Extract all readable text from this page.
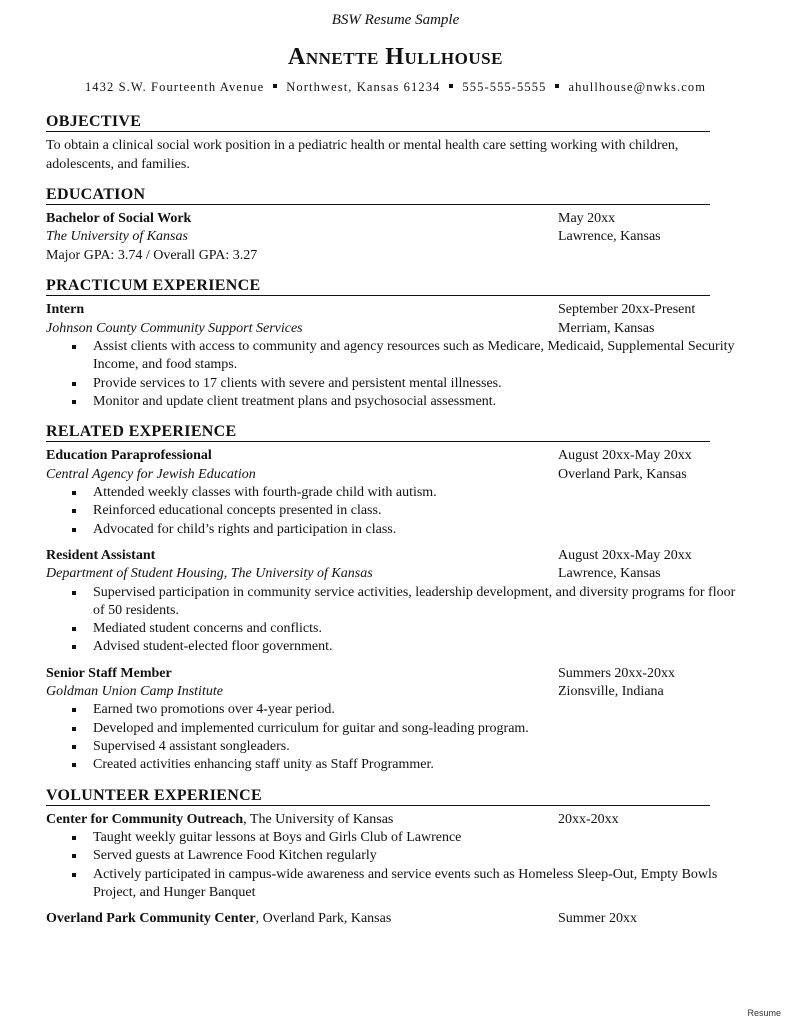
BSW Resume Sample
Annette Hullhouse
1432 S.W. Fourteenth Avenue Northwest, Kansas 61234 555-555-5555 ahullhouse@nwks.com
OBJECTIVE
To obtain a clinical social work position in a pediatric health or mental health care setting working with children, adolescents, and families.
EDUCATION
Bachelor of Social Work	May 20xx
The University of Kansas	Lawrence, Kansas
Major GPA: 3.74 / Overall GPA: 3.27
PRACTICUM EXPERIENCE
Intern	September 20xx-Present
Johnson County Community Support Services	Merriam, Kansas
Assist clients with access to community and agency resources such as Medicare, Medicaid, Supplemental Security Income, and food stamps.
Provide services to 17 clients with severe and persistent mental illnesses.
Monitor and update client treatment plans and psychosocial assessment.
RELATED EXPERIENCE
Education Paraprofessional	August 20xx-May 20xx
Central Agency for Jewish Education	Overland Park, Kansas
Attended weekly classes with fourth-grade child with autism.
Reinforced educational concepts presented in class.
Advocated for child’s rights and participation in class.
Resident Assistant	August 20xx-May 20xx
Department of Student Housing, The University of Kansas	Lawrence, Kansas
Supervised participation in community service activities, leadership development, and diversity programs for floor of 50 residents.
Mediated student concerns and conflicts.
Advised student-elected floor government.
Senior Staff Member	Summers 20xx-20xx
Goldman Union Camp Institute	Zionsville, Indiana
Earned two promotions over 4-year period.
Developed and implemented curriculum for guitar and song-leading program.
Supervised 4 assistant songleaders.
Created activities enhancing staff unity as Staff Programmer.
VOLUNTEER EXPERIENCE
Center for Community Outreach, The University of Kansas	20xx-20xx
Taught weekly guitar lessons at Boys and Girls Club of Lawrence
Served guests at Lawrence Food Kitchen regularly
Actively participated in campus-wide awareness and service events such as Homeless Sleep-Out, Empty Bowls Project, and Hunger Banquet
Overland Park Community Center, Overland Park, Kansas	Summer 20xx
Resume
